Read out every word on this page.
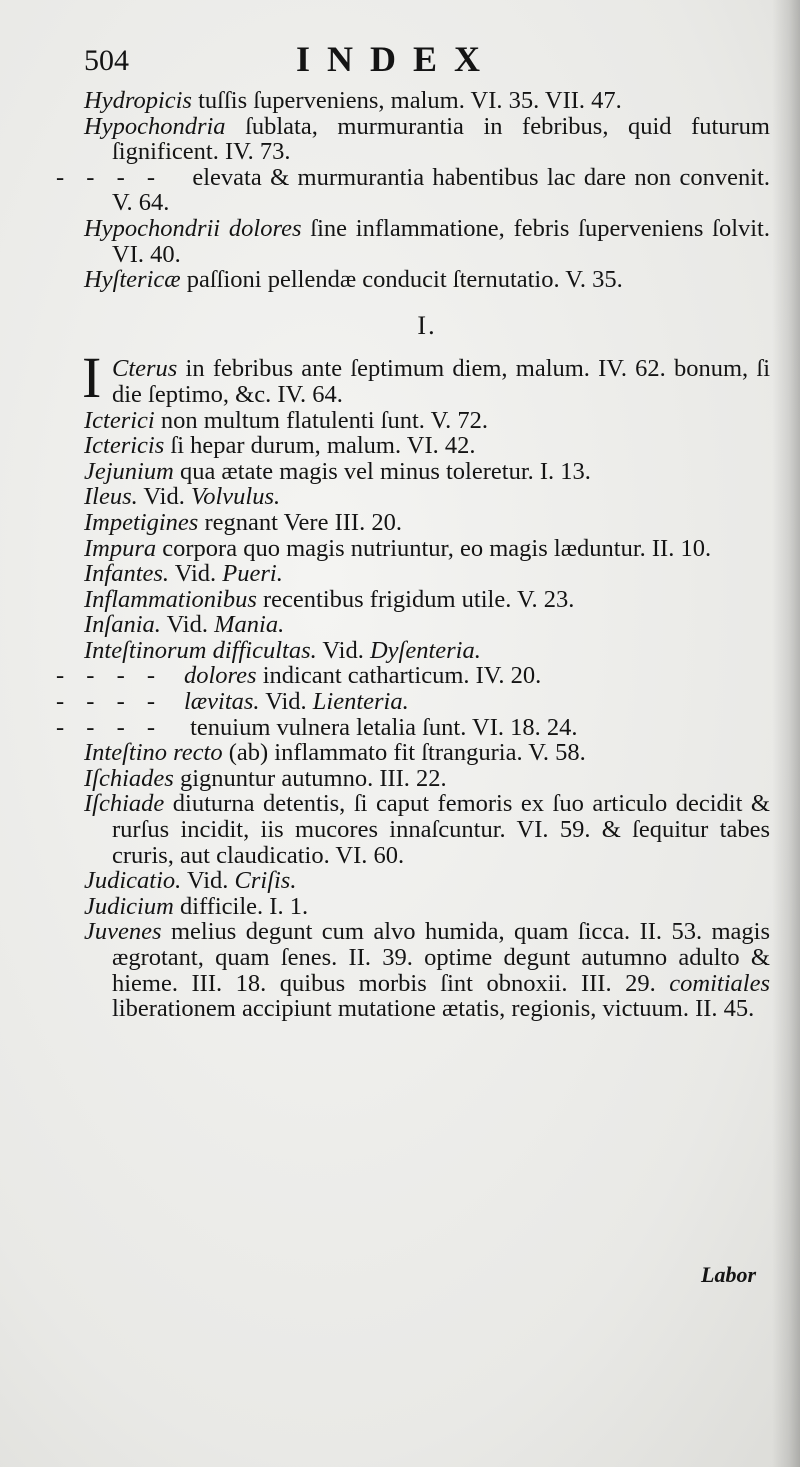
504	INDEX

Hydropicis tuſſis ſuperveniens, malum. VI. 35. VII. 47.

Hypochondria ſublata, murmurantia in febribus, quid futurum ſignificent. IV. 73.

- - - - elevata & murmurantia habentibus lac dare non convenit. V. 64.

Hypochondrii dolores ſine inflammatione, febris ſuperveniens ſolvit. VI. 40.

Hyſtericæ paſſioni pellendæ conducit ſternutatio. V. 35.

I.

I Cterus in febribus ante ſeptimum diem, malum. IV. 62. bonum, ſi die ſeptimo, &c. IV. 64.

Icterici non multum flatulenti ſunt. V. 72.

Ictericis ſi hepar durum, malum. VI. 42.

Jejunium qua ætate magis vel minus toleretur. I. 13.

Ileus. Vid. Volvulus.

Impetigines regnant Vere III. 20.

Impura corpora quo magis nutriuntur, eo magis læduntur. II. 10.

Infantes. Vid. Pueri.

Inflammationibus recentibus frigidum utile. V. 23.

Inſania. Vid. Mania.

Inteſtinorum difficultas. Vid. Dyſenteria.

- - - - dolores indicant catharticum. IV. 20.

- - - - lævitas. Vid. Lienteria.

- - - - tenuium vulnera letalia ſunt. VI. 18. 24.

Inteſtino recto (ab) inflammato fit ſtranguria. V. 58.

Iſchiades gignuntur autumno. III. 22.

Iſchiade diuturna detentis, ſi caput femoris ex ſuo articulo decidit & rurſus incidit, iis mucores innaſcuntur. VI. 59. & ſequitur tabes cruris, aut claudicatio. VI. 60.

Judicatio. Vid. Criſis.

Judicium difficile. I. 1.

Juvenes melius degunt cum alvo humida, quam ſicca. II. 53. magis ægrotant, quam ſenes. II. 39. optime degunt autumno adulto & hieme. III. 18. quibus morbis ſint obnoxii. III. 29. comitiales liberationem accipiunt mutatione ætatis, regionis, victuum. II. 45.

Labor
